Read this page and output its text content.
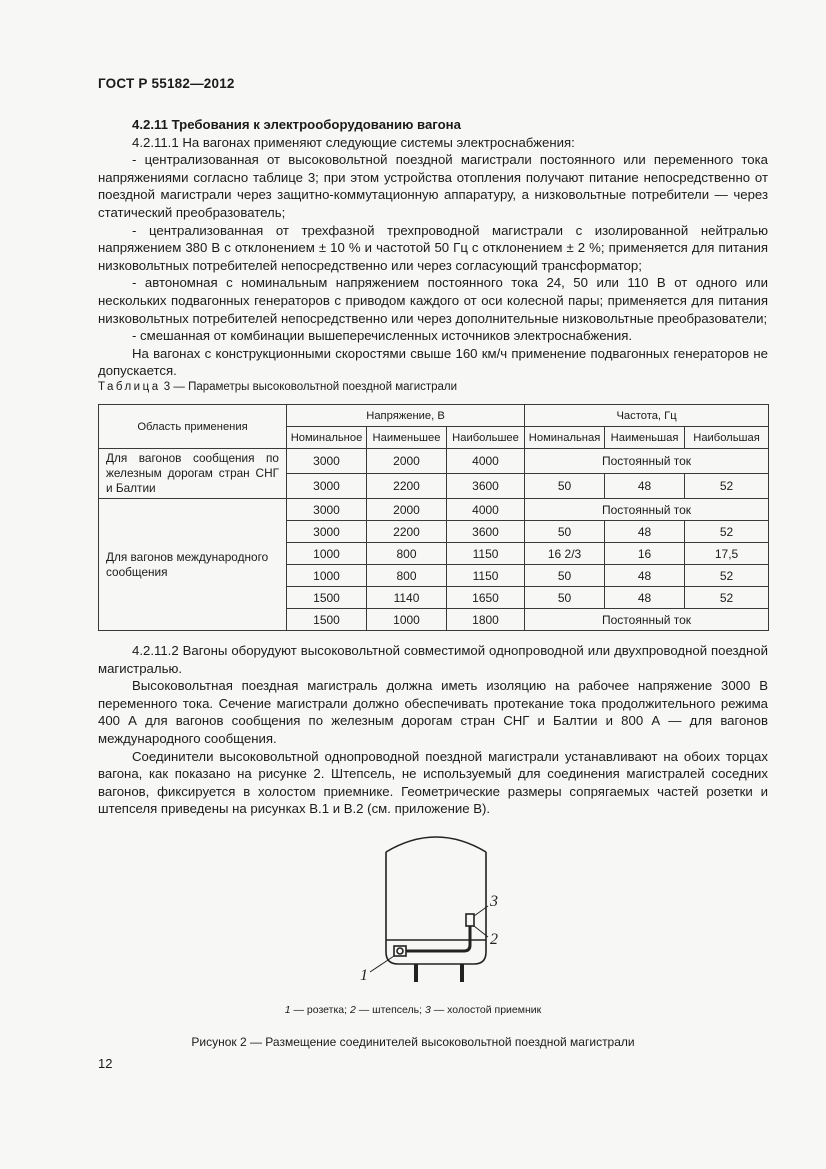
ГОСТ Р 55182—2012
4.2.11 Требования к электрооборудованию вагона

4.2.11.1 На вагонах применяют следующие системы электроснабжения:

- централизованная от высоковольтной поездной магистрали постоянного или переменного тока напряжениями согласно таблице 3; при этом устройства отопления получают питание непосредственно от поездной магистрали через защитно-коммутационную аппаратуру, а низковольтные потребители — через статический преобразователь;

- централизованная от трехфазной трехпроводной магистрали с изолированной нейтралью напряжением 380 В с отклонением ± 10 % и частотой 50 Гц с отклонением ± 2 %; применяется для питания низковольтных потребителей непосредственно или через согласующий трансформатор;

- автономная с номинальным напряжением постоянного тока 24, 50 или 110 В от одного или нескольких подвагонных генераторов с приводом каждого от оси колесной пары; применяется для питания низковольтных потребителей непосредственно или через дополнительные низковольтные преобразователи;

- смешанная от комбинации вышеперечисленных источников электроснабжения.

На вагонах с конструкционными скоростями свыше 160 км/ч применение подвагонных генераторов не допускается.

Таблица 3 — Параметры высоковольтной поездной магистрали
Область применения	Напряжение, В			Частота, Гц		
	Номинальное	Наименьшее	Наибольшее	Номинальная	Наименьшая	Наибольшая
Для вагонов сообщения по железным дорогам стран СНГ и Балтии	3000	2000	4000	Постоянный ток		
	3000	2200	3600	50	48	52
Для вагонов международного сообщения	3000	2000	4000	Постоянный ток		
	3000	2200	3600	50	48	52
	1000	800	1150	16 2/3	16	17,5
	1000	800	1150	50	48	52
	1500	1140	1650	50	48	52
	1500	1000	1800	Постоянный ток		

4.2.11.2 Вагоны оборудуют высоковольтной совместимой однопроводной или двухпроводной поездной магистралью.

Высоковольтная поездная магистраль должна иметь изоляцию на рабочее напряжение 3000 В переменного тока. Сечение магистрали должно обеспечивать протекание тока продолжительного режима 400 А для вагонов сообщения по железным дорогам стран СНГ и Балтии и 800 А — для вагонов международного сообщения.

Соединители высоковольтной однопроводной поездной магистрали устанавливают на обоих торцах вагона, как показано на рисунке 2. Штепсель, не используемый для соединения магистралей соседних вагонов, фиксируется в холостом приемнике. Геометрические размеры сопрягаемых частей розетки и штепселя приведены на рисунках В.1 и В.2 (см. приложение В).

1
2
3
1 — розетка; 2 — штепсель; 3 — холостой приемник
Рисунок 2 — Размещение соединителей высоковольтной поездной магистрали
12
